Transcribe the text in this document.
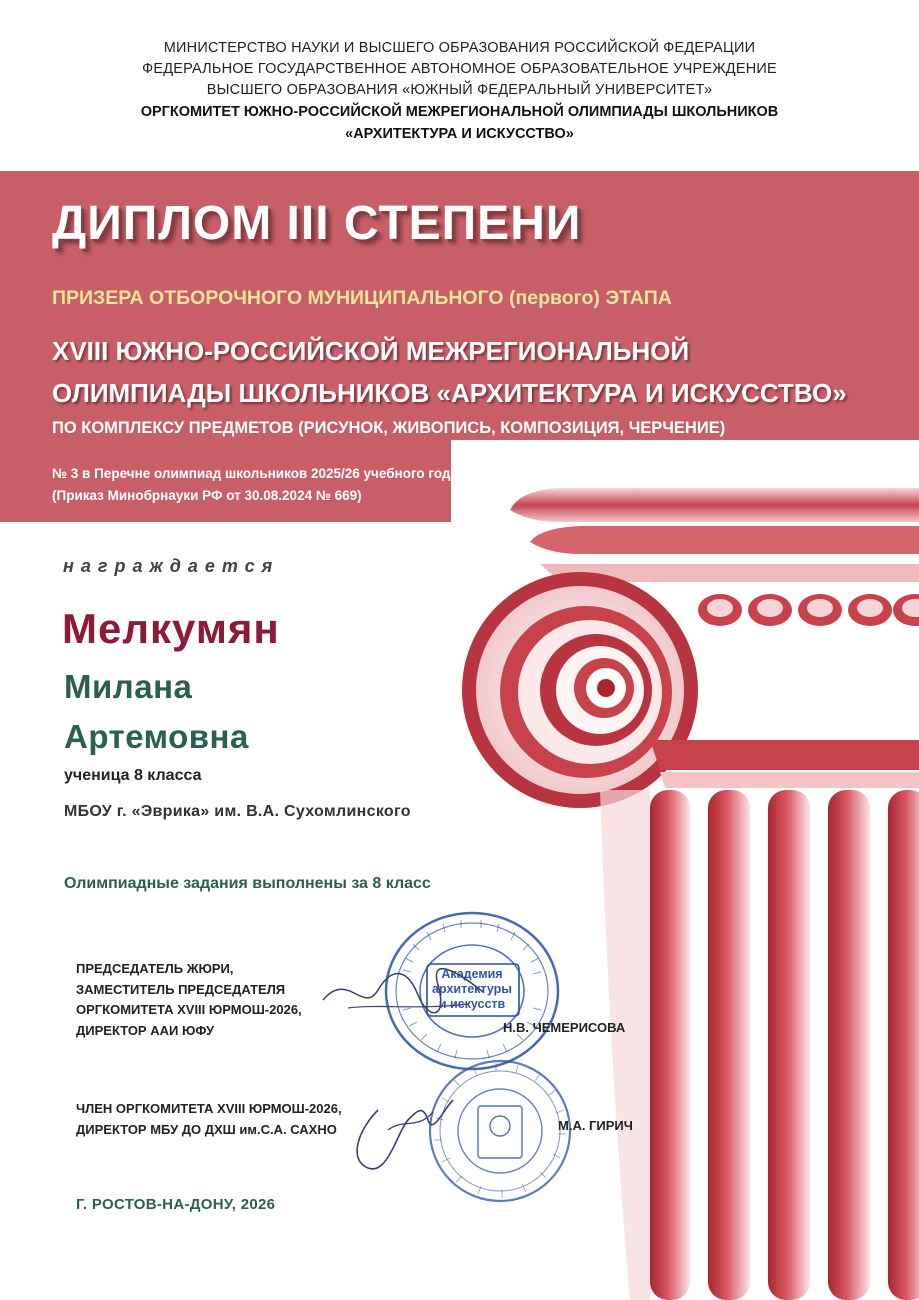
МИНИСТЕРСТВО НАУКИ И ВЫСШЕГО ОБРАЗОВАНИЯ РОССИЙСКОЙ ФЕДЕРАЦИИ
ФЕДЕРАЛЬНОЕ ГОСУДАРСТВЕННОЕ АВТОНОМНОЕ ОБРАЗОВАТЕЛЬНОЕ УЧРЕЖДЕНИЕ
ВЫСШЕГО ОБРАЗОВАНИЯ «ЮЖНЫЙ ФЕДЕРАЛЬНЫЙ УНИВЕРСИТЕТ»
ОРГКОМИТЕТ ЮЖНО-РОССИЙСКОЙ МЕЖРЕГИОНАЛЬНОЙ ОЛИМПИАДЫ ШКОЛЬНИКОВ
«АРХИТЕКТУРА И ИСКУССТВО»
ДИПЛОМ III СТЕПЕНИ
ПРИЗЕРА ОТБОРОЧНОГО МУНИЦИПАЛЬНОГО (первого) ЭТАПА
XVIII ЮЖНО-РОССИЙСКОЙ МЕЖРЕГИОНАЛЬНОЙ
ОЛИМПИАДЫ ШКОЛЬНИКОВ «АРХИТЕКТУРА И ИСКУССТВО»
ПО КОМПЛЕКСУ ПРЕДМЕТОВ (РИСУНОК, ЖИВОПИСЬ, КОМПОЗИЦИЯ, ЧЕРЧЕНИЕ)
№ 3 в Перечне олимпиад школьников 2025/26 учебного года
(Приказ Минобрнауки РФ от 30.08.2024 № 669)
награждается
Мелкумян
Милана
Артемовна
ученица 8 класса
МБОУ г. «Эврика» им. В.А. Сухомлинского
Олимпиадные задания выполнены за 8 класс
Академия архитектуры и искусств
ПРЕДСЕДАТЕЛЬ ЖЮРИ,
ЗАМЕСТИТЕЛЬ ПРЕДСЕДАТЕЛЯ
ОРГКОМИТЕТА XVIII ЮРМОШ-2026,
ДИРЕКТОР ААИ ЮФУ	Н.В. ЧЕМЕРИСОВА
ЧЛЕН ОРГКОМИТЕТА XVIII ЮРМОШ-2026,
ДИРЕКТОР МБУ ДО ДХШ им.С.А. САХНО	М.А. ГИРИЧ
Г. РОСТОВ-НА-ДОНУ, 2026
